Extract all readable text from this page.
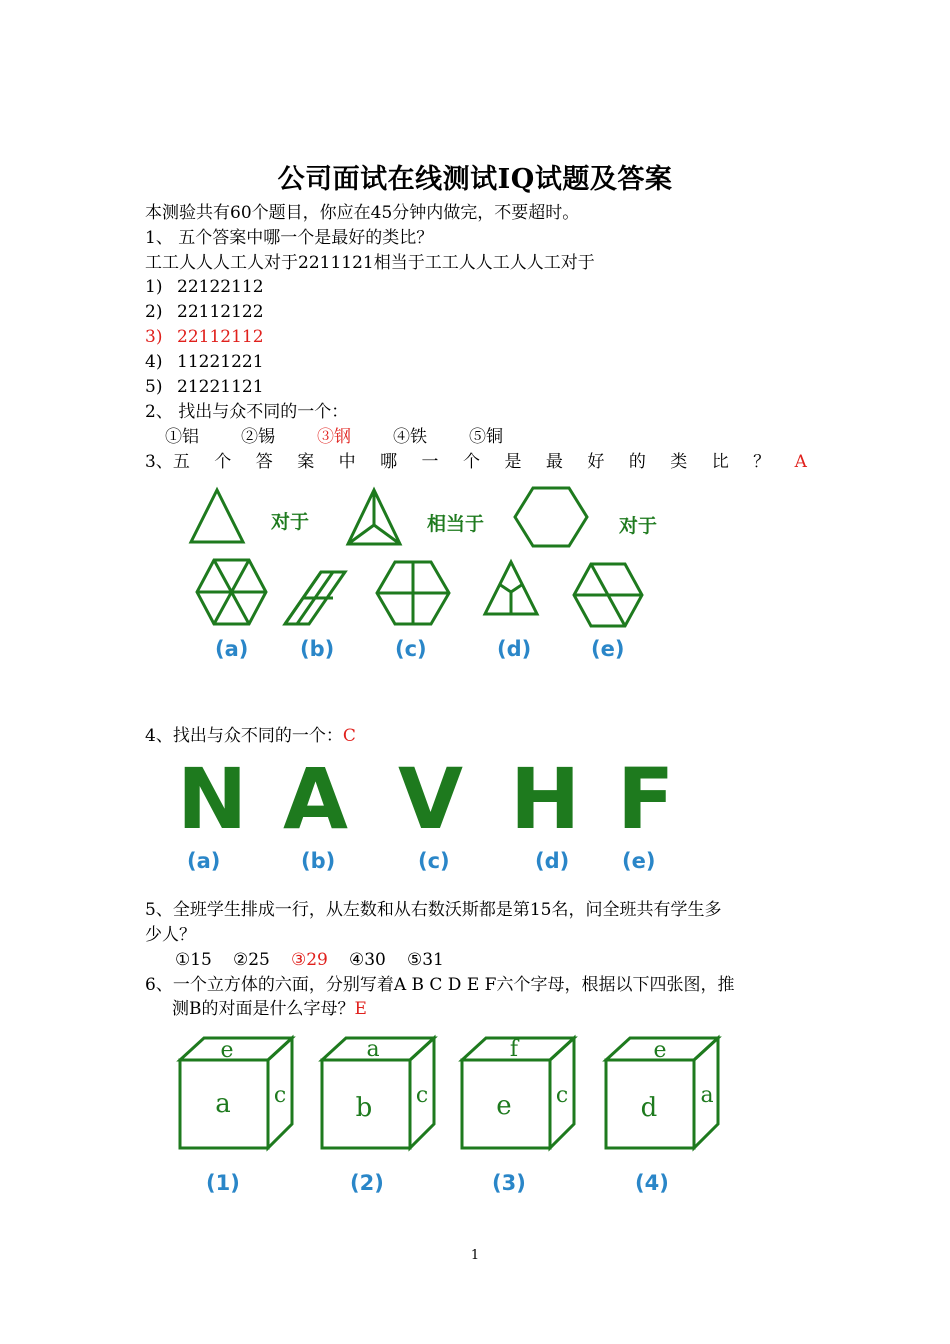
公司面试在线测试IQ试题及答案
本测验共有60个题目，你应在45分钟内做完，不要超时。
1、 五个答案中哪一个是最好的类比？
工工人人人工人对于2211121相当于工工人人工人人工对于
1) 22122112
2) 22112122
3) 22112112
4) 11221221
5) 21221121
2、 找出与众不同的一个：
①铝 ②锡 ③钢 ④铁 ⑤铜
3、五 个 答 案 中 哪 一 个 是 最 好 的 类 比 ？ A
对于	相当于	对于
(a) (b)	(c)	(d)	(e)
4、找出与众不同的一个：C
N A V H F
(a)	(b)	(c)	(d)	(e)
5、全班学生排成一行，从左数和从右数沃斯都是第15名，问全班共有学生多
少人？
①15 ②25 ③29 ④30 ⑤31
6、一个立方体的六面，分别写着A B C D E F六个字母，根据以下四张图，推
测B的对面是什么字母？E
e
a c
(1)
a
b c
(2)
f
e c
(3)
e
d a
(4)
1
